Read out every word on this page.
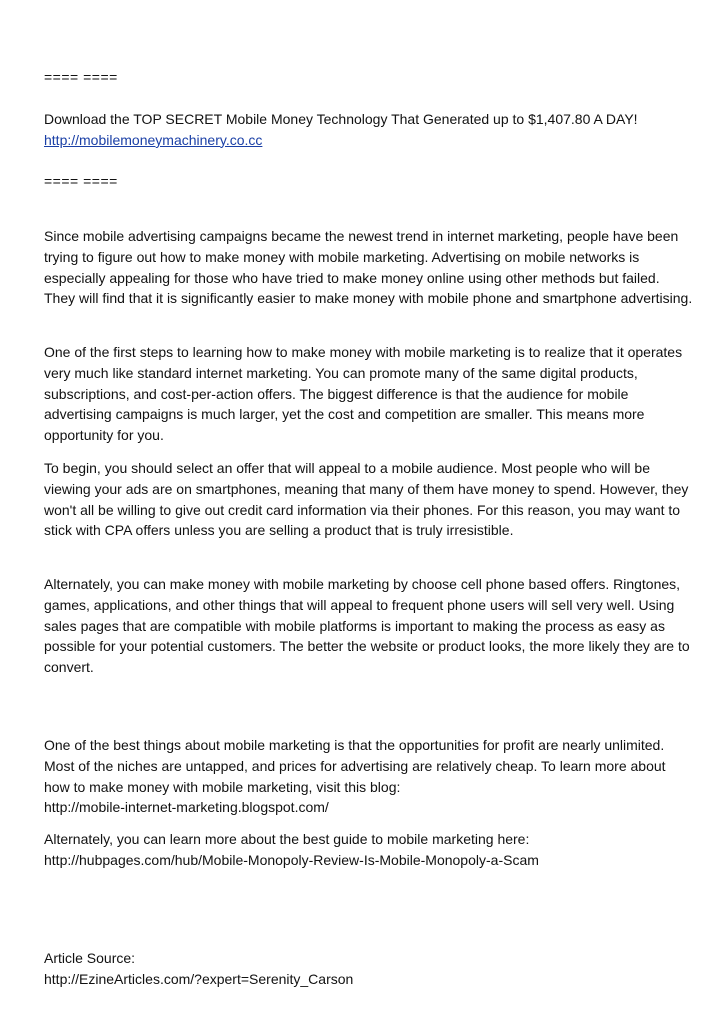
==== ====
Download the TOP SECRET Mobile Money Technology That Generated up to $1,407.80 A DAY!
http://mobilemoneymachinery.co.cc
==== ====

Since mobile advertising campaigns became the newest trend in internet marketing, people have been trying to figure out how to make money with mobile marketing. Advertising on mobile networks is especially appealing for those who have tried to make money online using other methods but failed. They will find that it is significantly easier to make money with mobile phone and smartphone advertising.

One of the first steps to learning how to make money with mobile marketing is to realize that it operates very much like standard internet marketing. You can promote many of the same digital products, subscriptions, and cost-per-action offers. The biggest difference is that the audience for mobile advertising campaigns is much larger, yet the cost and competition are smaller. This means more opportunity for you.

To begin, you should select an offer that will appeal to a mobile audience. Most people who will be viewing your ads are on smartphones, meaning that many of them have money to spend. However, they won't all be willing to give out credit card information via their phones. For this reason, you may want to stick with CPA offers unless you are selling a product that is truly irresistible.

Alternately, you can make money with mobile marketing by choose cell phone based offers. Ringtones, games, applications, and other things that will appeal to frequent phone users will sell very well. Using sales pages that are compatible with mobile platforms is important to making the process as easy as possible for your potential customers. The better the website or product looks, the more likely they are to convert.

One of the best things about mobile marketing is that the opportunities for profit are nearly unlimited. Most of the niches are untapped, and prices for advertising are relatively cheap. To learn more about how to make money with mobile marketing, visit this blog:
http://mobile-internet-marketing.blogspot.com/
Alternately, you can learn more about the best guide to mobile marketing here:
http://hubpages.com/hub/Mobile-Monopoly-Review-Is-Mobile-Monopoly-a-Scam
Article Source:
http://EzineArticles.com/?expert=Serenity_Carson
